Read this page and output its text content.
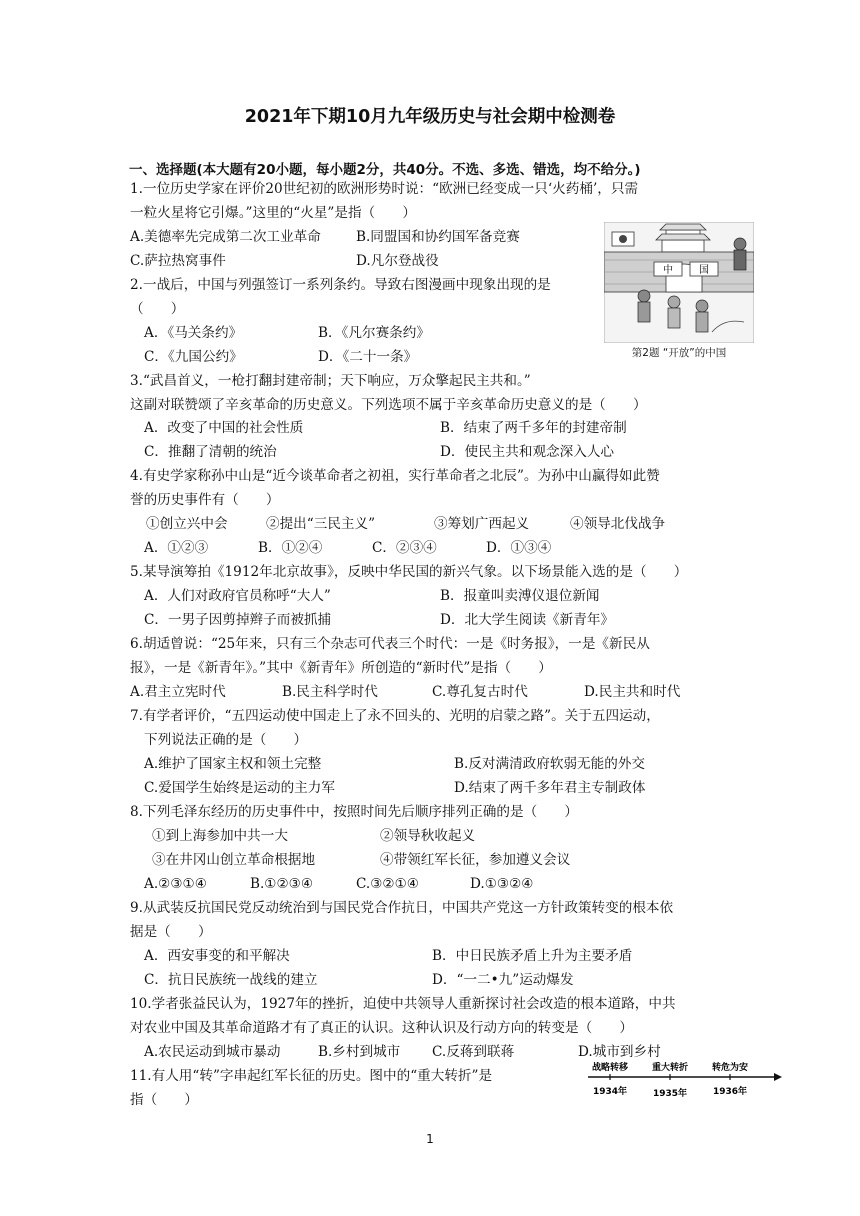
2021年下期10月九年级历史与社会期中检测卷
一、选择题(本大题有20小题，每小题2分，共40分。不选、多选、错选，均不给分。)
1.一位历史学家在评价20世纪初的欧洲形势时说：“欧洲已经变成一只‘火药桶’，只需
一粒火星将它引爆。”这里的“火星”是指（　　）
A.美德率先完成第二次工业革命	B.同盟国和协约国军备竞赛
C.萨拉热窝事件	D.凡尔登战役
中	国
第2题 “开放”的中国
2.一战后，中国与列强签订一系列条约。导致右图漫画中现象出现的是
（　　）
A．《马关条约》	B．《凡尔赛条约》
C．《九国公约》	D．《二十一条》
3.“武昌首义，一枪打翻封建帝制；天下响应，万众擎起民主共和。”
这副对联赞颂了辛亥革命的历史意义。下列选项不属于辛亥革命历史意义的是（　　）
A．改变了中国的社会性质	B．结束了两千多年的封建帝制
C．推翻了清朝的统治	D．使民主共和观念深入人心
4.有史学家称孙中山是“近今谈革命者之初祖，实行革命者之北辰”。为孙中山赢得如此赞
誉的历史事件有（　　）
①创立兴中会	②提出“三民主义”	③筹划广西起义	④领导北伐战争
A．①②③	B．①②④	C．②③④	D．①③④
5.某导演筹拍《1912年北京故事》，反映中华民国的新兴气象。以下场景能入选的是（　　）
A．人们对政府官员称呼“大人”	B．报童叫卖溥仪退位新闻
C．一男子因剪掉辫子而被抓捕	D．北大学生阅读《新青年》
6.胡适曾说：“25年来，只有三个杂志可代表三个时代：一是《时务报》，一是《新民从
报》，一是《新青年》。”其中《新青年》所创造的“新时代”是指（　　）
A.君主立宪时代	B.民主科学时代	C.尊孔复古时代	D.民主共和时代
7.有学者评价，“五四运动使中国走上了永不回头的、光明的启蒙之路”。关于五四运动，
下列说法正确的是（　　）
A.维护了国家主权和领土完整	B.反对满清政府软弱无能的外交
C.爱国学生始终是运动的主力军	D.结束了两千多年君主专制政体
8.下列毛泽东经历的历史事件中，按照时间先后顺序排列正确的是（　　）
①到上海参加中共一大	②领导秋收起义
③在井冈山创立革命根据地	④带领红军长征，参加遵义会议
A.②③①④	B.①②③④	C.③②①④	D.①③②④
9.从武装反抗国民党反动统治到与国民党合作抗日，中国共产党这一方针政策转变的根本依
据是（　　）
A．西安事变的和平解决	B．中日民族矛盾上升为主要矛盾
C．抗日民族统一战线的建立	D．“一二•九”运动爆发
10.学者张益民认为，1927年的挫折，迫使中共领导人重新探讨社会改造的根本道路，中共
对农业中国及其革命道路才有了真正的认识。这种认识及行动方向的转变是（　　）
A.农民运动到城市暴动	B.乡村到城市 C.反蒋到联蒋	D.城市到乡村
11.有人用“转”字串起红军长征的历史。图中的“重大转折”是
指（　　）
战略转移	重大转折	转危为安
1934年	1935年	1936年
1
